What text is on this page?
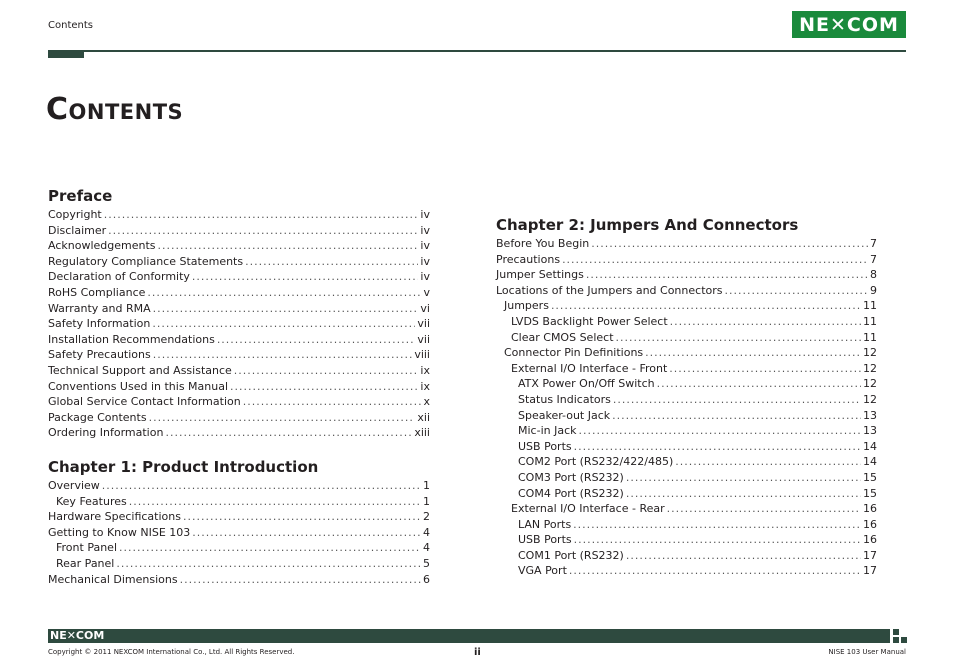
Contents	NE✕COM
Contents
Preface
Copyright .....	iv
Disclaimer .....	iv
Acknowledgements .....	iv
Regulatory Compliance Statements .....	iv
Declaration of Conformity .....	iv
RoHS Compliance .....	v
Warranty and RMA .....	vi
Safety Information .....	vii
Installation Recommendations .....	vii
Safety Precautions .....	viii
Technical Support and Assistance .....	ix
Conventions Used in this Manual .....	ix
Global Service Contact Information .....	x
Package Contents .....	xii
Ordering Information .....	xiii
Chapter 1: Product Introduction
Overview .....	1
Key Features .....	1
Hardware Specifications .....	2
Getting to Know NISE 103 .....	4
Front Panel .....	4
Rear Panel .....	5
Mechanical Dimensions .....	6
Chapter 2: Jumpers And Connectors
Before You Begin .....	7
Precautions .....	7
Jumper Settings .....	8
Locations of the Jumpers and Connectors .....	9
Jumpers .....	11
LVDS Backlight Power Select .....	11
Clear CMOS Select .....	11
Connector Pin Definitions .....	12
External I/O Interface - Front .....	12
ATX Power On/Off Switch .....	12
Status Indicators .....	12
Speaker-out Jack .....	13
Mic-in Jack .....	13
USB Ports .....	14
COM2 Port (RS232/422/485) .....	14
COM3 Port (RS232) .....	15
COM4 Port (RS232) .....	15
External I/O Interface - Rear .....	16
LAN Ports .....	16
USB Ports .....	16
COM1 Port (RS232) .....	17
VGA Port .....	17
NE✕COM
Copyright © 2011 NEXCOM International Co., Ltd. All Rights Reserved.	ii	NISE 103 User Manual
